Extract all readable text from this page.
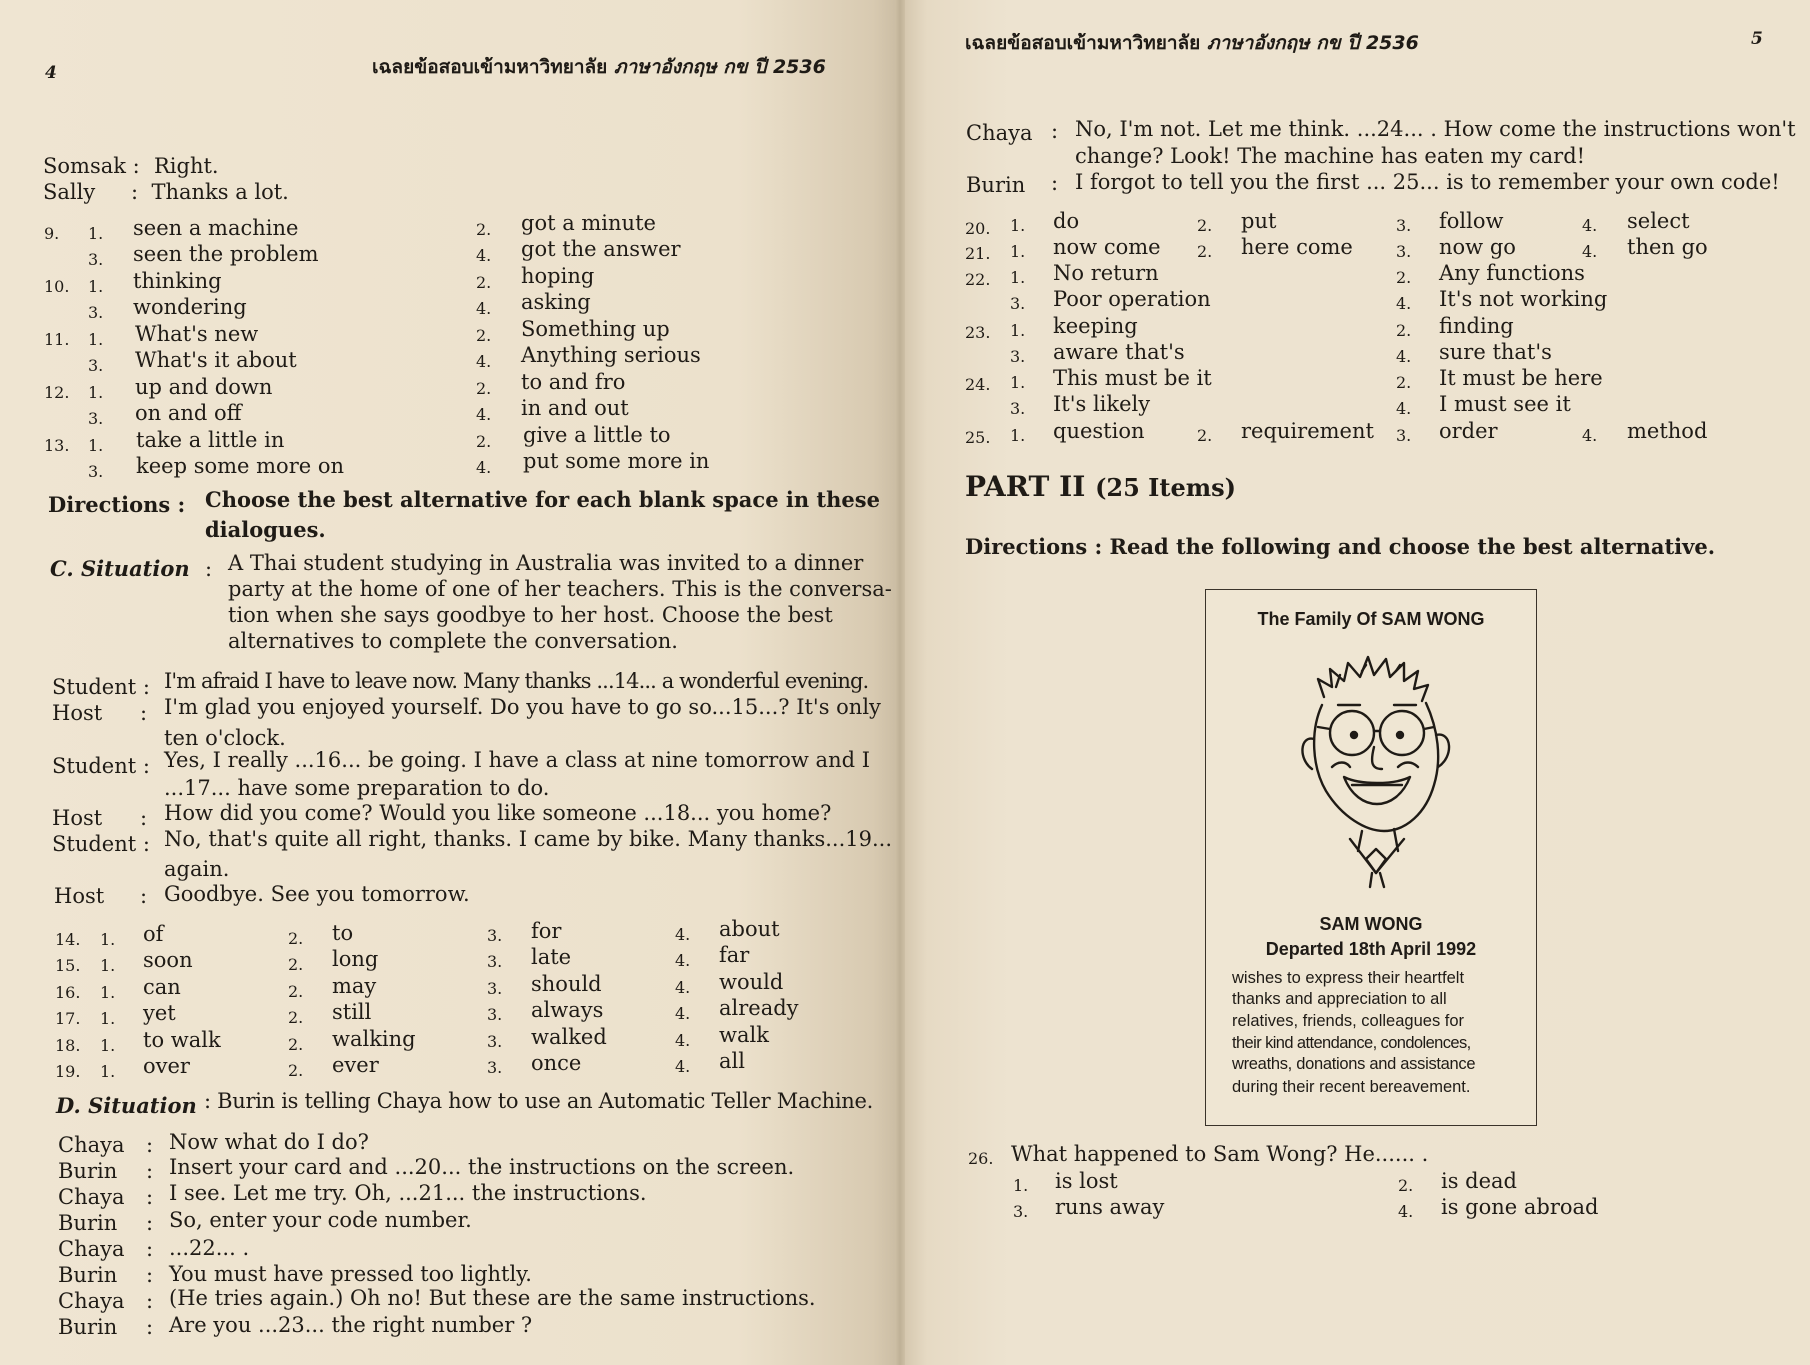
4	เฉลยข้อสอบเข้ามหาวิทยาลัย ภาษาอังกฤษ กข ปี 2536
เฉลยข้อสอบเข้ามหาวิทยาลัย ภาษาอังกฤษ กข ปี 2536	5
Somsak : Right.
Sally :  Thanks a lot.
9. 1. seen a machine	2. got a minute
3. seen the problem	4. got the answer
10. 1. thinking	2. hoping
3. wondering	4. asking
11. 1. What's new	2. Something up
3. What's it about	4. Anything serious
12. 1. up and down	2. to and fro
3. on and off	4. in and out
13. 1. take a little in	2. give a little to
3. keep some more on	4. put some more in
Directions : Choose the best alternative for each blank space in these
dialogues.
C. Situation : A Thai student studying in Australia was invited to a dinner
party at the home of one of her teachers. This is the conversa-
tion when she says goodbye to her host. Choose the best
alternatives to complete the conversation.
Student : I'm afraid I have to leave now. Many thanks ...14... a wonderful evening.
Host : I'm glad you enjoyed yourself. Do you have to go so...15...? It's only
ten o'clock.
Student : Yes, I really ...16... be going. I have a class at nine tomorrow and I
...17... have some preparation to do.
Host : How did you come? Would you like someone ...18... you home?
Student : No, that's quite all right, thanks. I came by bike. Many thanks...19...
again.
Host : Goodbye. See you tomorrow.
14. 1. of	2. to	3. for	4. about
15. 1. soon	2. long	3. late	4. far
16. 1. can	2. may	3. should	4. would
17. 1. yet	2. still	3. always	4. already
18. 1. to walk	2. walking	3. walked	4. walk
19. 1. over	2. ever	3. once	4. all
D. Situation : Burin is telling Chaya how to use an Automatic Teller Machine.
Chaya : Now what do I do?
Burin : Insert your card and ...20... the instructions on the screen.
Chaya : I see. Let me try. Oh, ...21... the instructions.
Burin : So, enter your code number.
Chaya : ...22... .
Burin : You must have pressed too lightly.
Chaya : (He tries again.) Oh no! But these are the same instructions.
Burin : Are you ...23... the right number ?
Chaya : No, I'm not. Let me think. ...24... . How come the instructions won't
change? Look! The machine has eaten my card!
Burin : I forgot to tell you the first ... 25... is to remember your own code!
20. 1. do	2. put	3. follow	4. select
21. 1. now come 2. here come	3. now go	4. then go
22. 1. No return	2. Any functions
3. Poor operation	4. It's not working
23. 1. keeping	2. finding
3. aware that's	4. sure that's
24. 1. This must be it	2. It must be here
3. It's likely	4. I must see it
25. 1. question	2. requirement 3. order	4. method
PART II (25 Items)
Directions : Read the following and choose the best alternative.
The Family Of SAM WONG
SAM WONG
Departed 18th April 1992
wishes to express their heartfelt
thanks and appreciation to all
relatives, friends, colleagues for
their kind attendance, condolences,
wreaths, donations and assistance
during their recent bereavement.
26. What happened to Sam Wong? He...... .
1. is lost	2. is dead
3. runs away	4. is gone abroad
